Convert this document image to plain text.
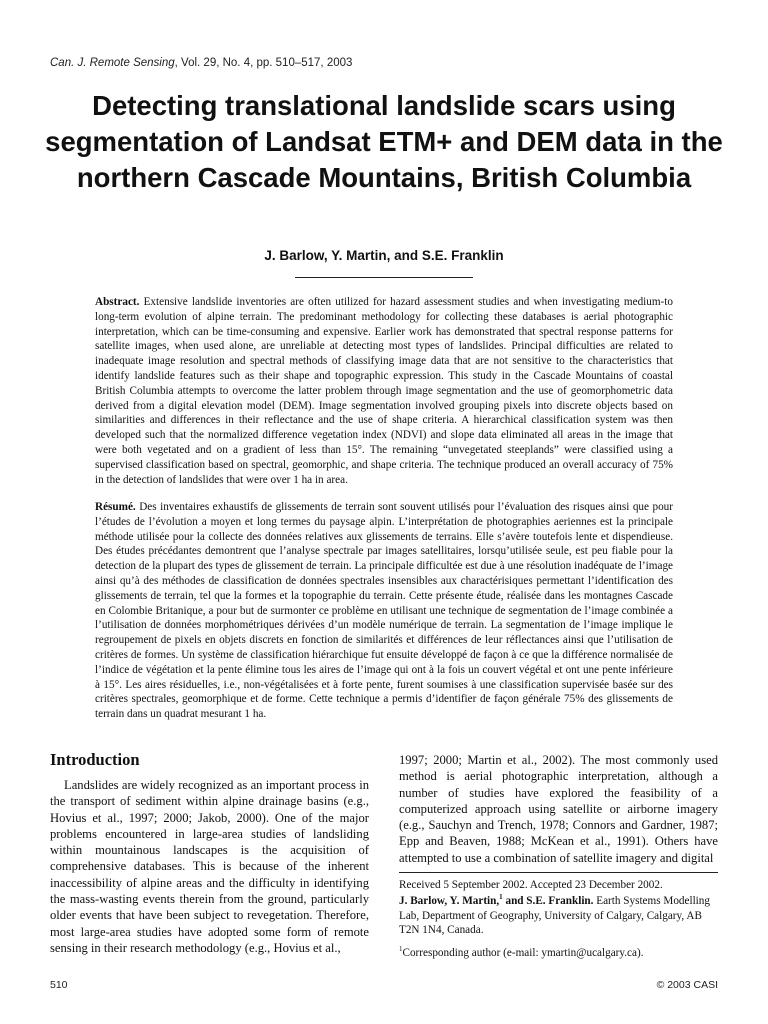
Can. J. Remote Sensing, Vol. 29, No. 4, pp. 510–517, 2003
Detecting translational landslide scars using segmentation of Landsat ETM+ and DEM data in the northern Cascade Mountains, British Columbia
J. Barlow, Y. Martin, and S.E. Franklin

Abstract. Extensive landslide inventories are often utilized for hazard assessment studies and when investigating medium-to long-term evolution of alpine terrain. The predominant methodology for collecting these databases is aerial photographic interpretation, which can be time-consuming and expensive. Earlier work has demonstrated that spectral response patterns for satellite images, when used alone, are unreliable at detecting most types of landslides. Principal difficulties are related to inadequate image resolution and spectral methods of classifying image data that are not sensitive to the characteristics that identify landslide features such as their shape and topographic expression. This study in the Cascade Mountains of coastal British Columbia attempts to overcome the latter problem through image segmentation and the use of geomorphometric data derived from a digital elevation model (DEM). Image segmentation involved grouping pixels into discrete objects based on similarities and differences in their reflectance and the use of shape criteria. A hierarchical classification system was then developed such that the normalized difference vegetation index (NDVI) and slope data eliminated all areas in the image that were both vegetated and on a gradient of less than 15°. The remaining “unvegetated steeplands” were classified using a supervised classification based on spectral, geomorphic, and shape criteria. The technique produced an overall accuracy of 75% in the detection of landslides that were over 1 ha in area.

Résumé. Des inventaires exhaustifs de glissements de terrain sont souvent utilisés pour l’évaluation des risques ainsi que pour l’études de l’évolution a moyen et long termes du paysage alpin. L’interprétation de photographies aeriennes est la principale méthode utilisée pour la collecte des données relatives aux glissements de terrains. Elle s’avère toutefois lente et dispendieuse. Des études précédantes demontrent que l’analyse spectrale par images satellitaires, lorsqu’utilisée seule, est peu fiable pour la detection de la plupart des types de glissement de terrain. La principale difficultée est due à une résolution inadéquate de l’image ainsi qu’à des méthodes de classification de données spectrales insensibles aux charactérisiques permettant l’identification des glissements de terrain, tel que la formes et la topographie du terrain. Cette présente étude, réalisée dans les montagnes Cascade en Colombie Britanique, a pour but de surmonter ce problème en utilisant une technique de segmentation de l’image combinée a l’utilisation de données morphométriques dérivées d’un modèle numérique de terrain. La segmentation de l’image implique le regroupement de pixels en objets discrets en fonction de similarités et différences de leur réflectances ainsi que l’utilisation de critères de formes. Un système de classification hiérarchique fut ensuite développé de façon à ce que la différence normalisée de l’indice de végétation et la pente élimine tous les aires de l’image qui ont à la fois un couvert végétal et ont une pente inférieure à 15°. Les aires résiduelles, i.e., non-végétalisées et à forte pente, furent soumises à une classification supervisée basée sur des critères spectrales, geomorphique et de forme. Cette technique a permis d’identifier de façon générale 75% des glissements de terrain dans un quadrat mesurant 1 ha.

Introduction

Landslides are widely recognized as an important process in the transport of sediment within alpine drainage basins (e.g., Hovius et al., 1997; 2000; Jakob, 2000). One of the major problems encountered in large-area studies of landsliding within mountainous landscapes is the acquisition of comprehensive databases. This is because of the inherent inaccessibility of alpine areas and the difficulty in identifying the mass-wasting events therein from the ground, particularly older events that have been subject to revegetation. Therefore, most large-area studies have adopted some form of remote sensing in their research methodology (e.g., Hovius et al.,

1997; 2000; Martin et al., 2002). The most commonly used method is aerial photographic interpretation, although a number of studies have explored the feasibility of a computerized approach using satellite or airborne imagery (e.g., Sauchyn and Trench, 1978; Connors and Gardner, 1987; Epp and Beaven, 1988; McKean et al., 1991). Others have attempted to use a combination of satellite imagery and digital

Received 5 September 2002. Accepted 23 December 2002.

J. Barlow, Y. Martin,$^1$ and S.E. Franklin. Earth Systems Modelling Lab, Department of Geography, University of Calgary, Calgary, AB T2N 1N4, Canada.

$^1$Corresponding author (e-mail: ymartin@ucalgary.ca).

510	© 2003 CASI
